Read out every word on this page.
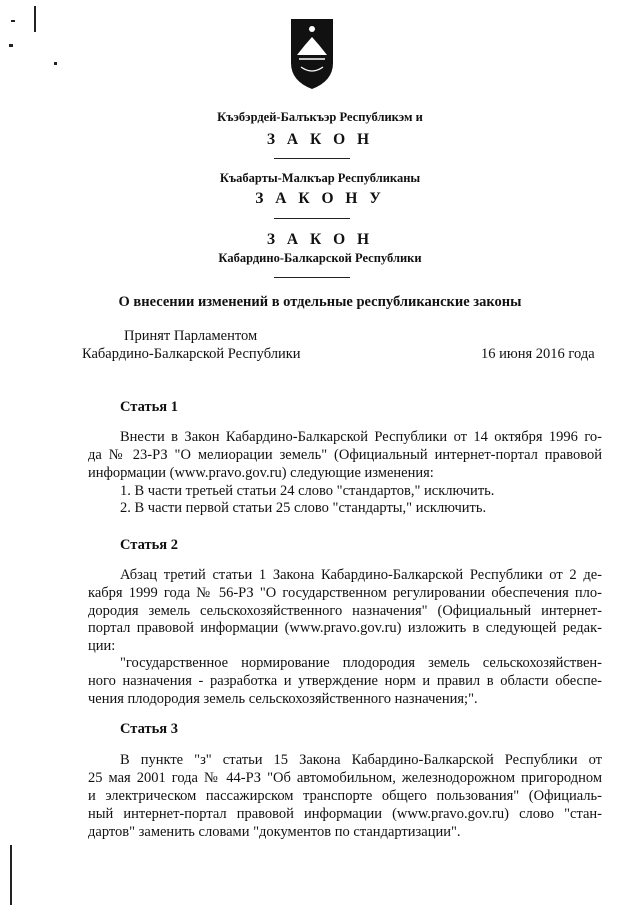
Къэбэрдей-Балъкъэр Республикэм и
З А К О Н
Къабарты-Малкъар Республиканы
З А К О Н У
З А К О Н
Кабардино-Балкарской Республики
О внесении изменений в отдельные республиканские законы
Принят Парламентом
Кабардино-Балкарской Республики	16 июня 2016 года
Статья 1
Внести в Закон Кабардино-Балкарской Республики от 14 октября 1996 го-
да № 23-РЗ "О мелиорации земель" (Официальный интернет-портал правовой
информации (www.pravo.gov.ru) следующие изменения:
1. В части третьей статьи 24 слово "стандартов," исключить.
2. В части первой статьи 25 слово "стандарты," исключить.
Статья 2
Абзац третий статьи 1 Закона Кабардино-Балкарской Республики от 2 де-
кабря 1999 года № 56-РЗ "О государственном регулировании обеспечения пло-
дородия земель сельскохозяйственного назначения" (Официальный интернет-
портал правовой информации (www.pravo.gov.ru) изложить в следующей редак-
ции:
"государственное нормирование плодородия земель сельскохозяйствен-
ного назначения - разработка и утверждение норм и правил в области обеспе-
чения плодородия земель сельскохозяйственного назначения;".
Статья 3
В пункте "з" статьи 15 Закона Кабардино-Балкарской Республики от
25 мая 2001 года № 44-РЗ "Об автомобильном, железнодорожном пригородном
и электрическом пассажирском транспорте общего пользования" (Официаль-
ный интернет-портал правовой информации (www.pravo.gov.ru) слово "стан-
дартов" заменить словами "документов по стандартизации".
